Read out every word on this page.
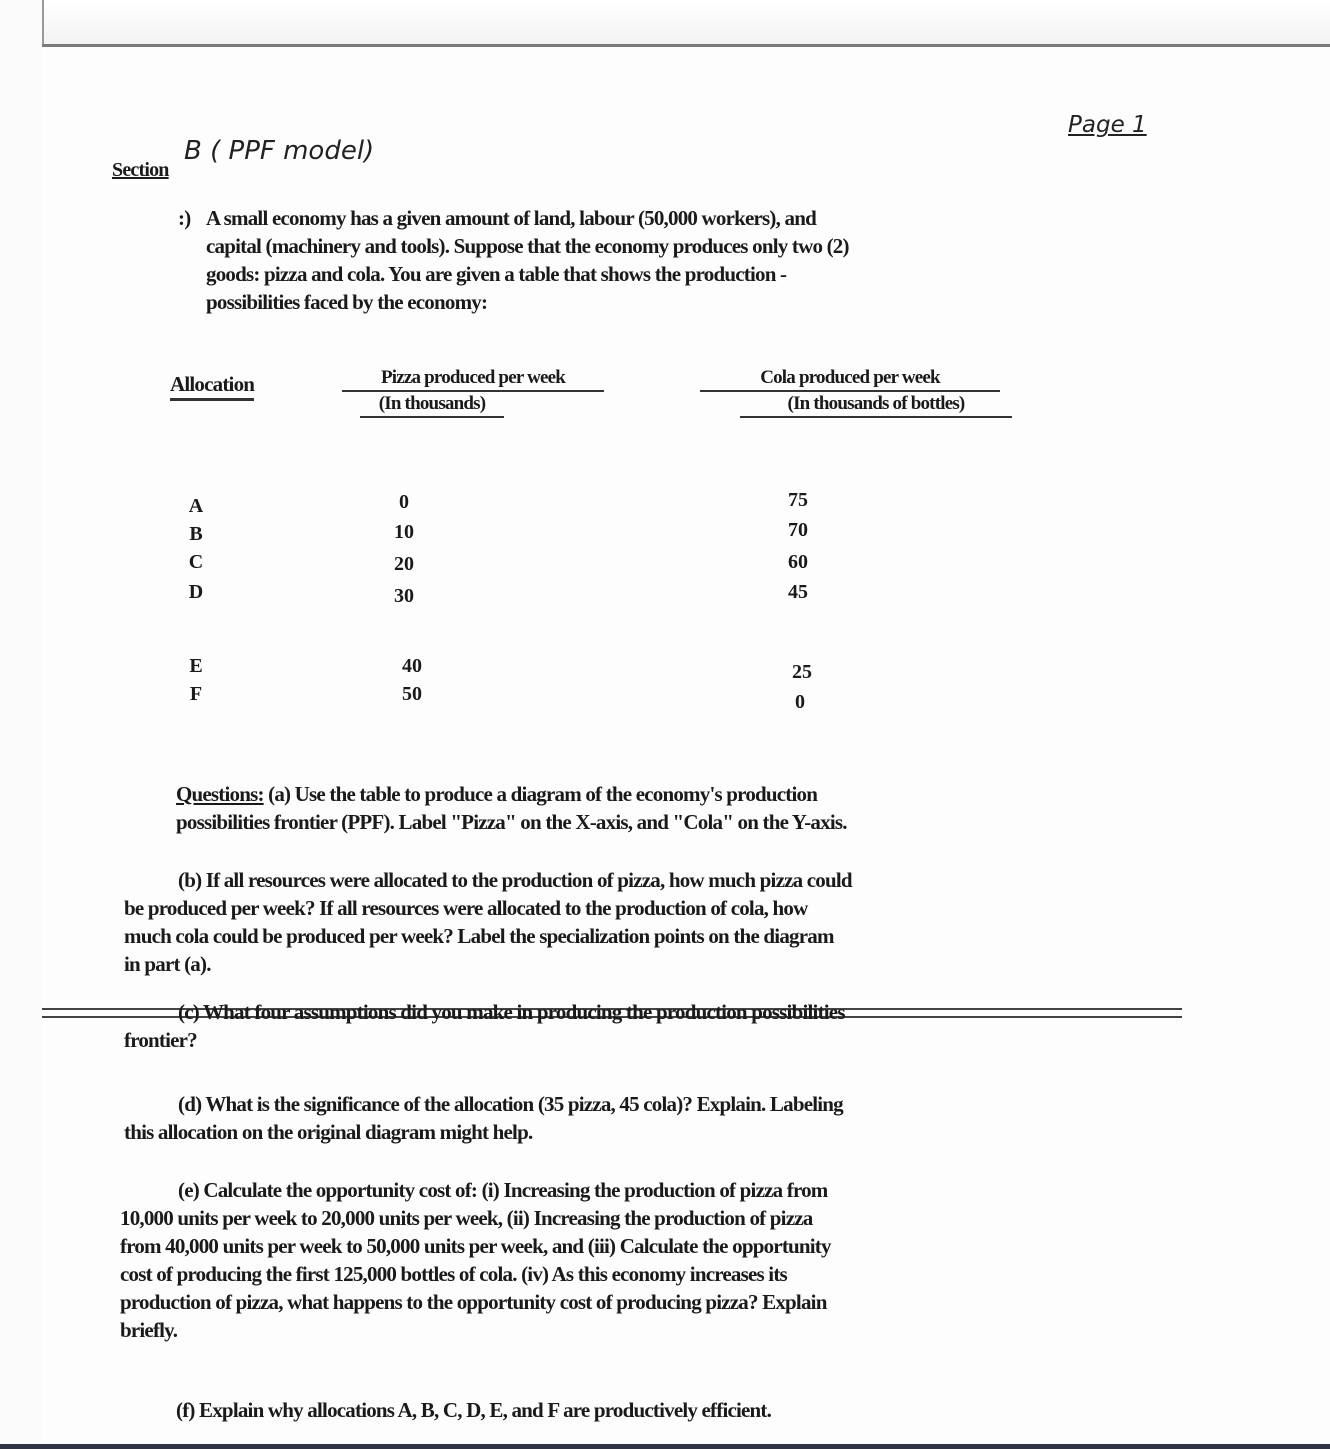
Page 1
Section
B ( PPF model)
:) A small economy has a given amount of land, labour (50,000 workers), and
capital (machinery and tools). Suppose that the economy produces only two (2)
goods: pizza and cola. You are given a table that shows the production -
possibilities faced by the economy:
Allocation	Pizza produced per week
(In thousands)
Cola produced per week
(In thousands of bottles)
A	0	75
B	10	70
C	20	60
D	30	45
E	40	25
F	50	0
Questions: (a) Use the table to produce a diagram of the economy's production
possibilities frontier (PPF). Label "Pizza" on the X-axis, and "Cola" on the Y-axis.
(b) If all resources were allocated to the production of pizza, how much pizza could
be produced per week? If all resources were allocated to the production of cola, how
much cola could be produced per week? Label the specialization points on the diagram
in part (a).
(c) What four assumptions did you make in producing the production possibilities
frontier?
(d) What is the significance of the allocation (35 pizza, 45 cola)? Explain. Labeling
this allocation on the original diagram might help.
(e) Calculate the opportunity cost of: (i) Increasing the production of pizza from
10,000 units per week to 20,000 units per week, (ii) Increasing the production of pizza
from 40,000 units per week to 50,000 units per week, and (iii) Calculate the opportunity
cost of producing the first 125,000 bottles of cola. (iv) As this economy increases its
production of pizza, what happens to the opportunity cost of producing pizza? Explain
briefly.
(f) Explain why allocations A, B, C, D, E, and F are productively efficient.
